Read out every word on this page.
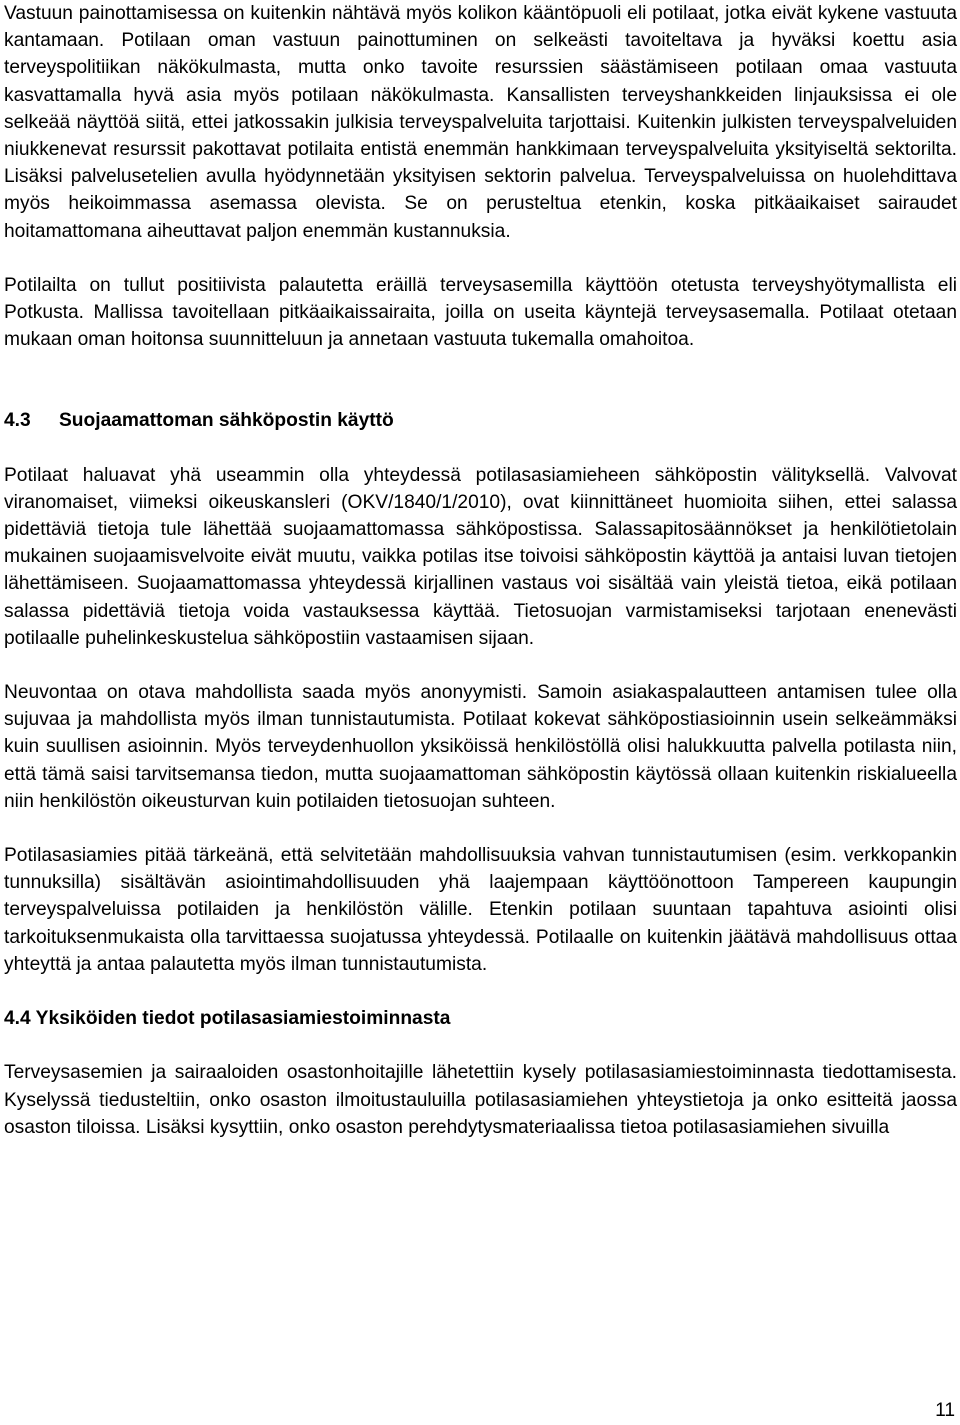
Vastuun painottamisessa on kuitenkin nähtävä myös kolikon kääntöpuoli eli potilaat, jotka eivät kykene vastuuta kantamaan. Potilaan oman vastuun painottuminen on selkeästi tavoiteltava ja hyväksi koettu asia terveyspolitiikan näkökulmasta, mutta onko tavoite resurssien säästämiseen potilaan omaa vastuuta kasvattamalla hyvä asia myös potilaan näkökulmasta. Kansallisten terveyshankkeiden linjauksissa ei ole selkeää näyttöä siitä, ettei jatkossakin julkisia terveyspalveluita tarjottaisi. Kuitenkin julkisten terveyspalveluiden niukkenevat resurssit pakottavat potilaita entistä enemmän hankkimaan terveyspalveluita yksityiseltä sektorilta. Lisäksi palvelusetelien avulla hyödynnetään yksityisen sektorin palvelua. Terveyspalveluissa on huolehdittava myös heikoimmassa asemassa olevista. Se on perusteltua etenkin, koska pitkäaikaiset sairaudet hoitamattomana aiheuttavat paljon enemmän kustannuksia.

Potilailta on tullut positiivista palautetta eräillä terveysasemilla käyttöön otetusta terveyshyötymallista eli Potkusta. Mallissa tavoitellaan pitkäaikaissairaita, joilla on useita käyntejä terveysasemalla. Potilaat otetaan mukaan oman hoitonsa suunnitteluun ja annetaan vastuuta tukemalla omahoitoa.

4.3 Suojaamattoman sähköpostin käyttö

Potilaat haluavat yhä useammin olla yhteydessä potilasasiamieheen sähköpostin välityksellä. Valvovat viranomaiset, viimeksi oikeuskansleri (OKV/1840/1/2010), ovat kiinnittäneet huomioita siihen, ettei salassa pidettäviä tietoja tule lähettää suojaamattomassa sähköpostissa. Salassapitosäännökset ja henkilötietolain mukainen suojaamisvelvoite eivät muutu, vaikka potilas itse toivoisi sähköpostin käyttöä ja antaisi luvan tietojen lähettämiseen. Suojaamattomassa yhteydessä kirjallinen vastaus voi sisältää vain yleistä tietoa, eikä potilaan salassa pidettäviä tietoja voida vastauksessa käyttää. Tietosuojan varmistamiseksi tarjotaan enenevästi potilaalle puhelinkeskustelua sähköpostiin vastaamisen sijaan.

Neuvontaa on otava mahdollista saada myös anonyymisti. Samoin asiakaspalautteen antamisen tulee olla sujuvaa ja mahdollista myös ilman tunnistautumista. Potilaat kokevat sähköpostiasioinnin usein selkeämmäksi kuin suullisen asioinnin. Myös terveydenhuollon yksiköissä henkilöstöllä olisi halukkuutta palvella potilasta niin, että tämä saisi tarvitsemansa tiedon, mutta suojaamattoman sähköpostin käytössä ollaan kuitenkin riskialueella niin henkilöstön oikeusturvan kuin potilaiden tietosuojan suhteen.

Potilasasiamies pitää tärkeänä, että selvitetään mahdollisuuksia vahvan tunnistautumisen (esim. verkkopankin tunnuksilla) sisältävän asiointimahdollisuuden yhä laajempaan käyttöönottoon Tampereen kaupungin terveyspalveluissa potilaiden ja henkilöstön välille. Etenkin potilaan suuntaan tapahtuva asiointi olisi tarkoituksenmukaista olla tarvittaessa suojatussa yhteydessä. Potilaalle on kuitenkin jäätävä mahdollisuus ottaa yhteyttä ja antaa palautetta myös ilman tunnistautumista.

4.4 Yksiköiden tiedot potilasasiamiestoiminnasta

Terveysasemien ja sairaaloiden osastonhoitajille lähetettiin kysely potilasasiamiestoiminnasta tiedottamisesta. Kyselyssä tiedusteltiin, onko osaston ilmoitustauluilla potilasasiamiehen yhteystietoja ja onko esitteitä jaossa osaston tiloissa. Lisäksi kysyttiin, onko osaston perehdytysmateriaalissa tietoa potilasasiamiehen sivuilla

11
